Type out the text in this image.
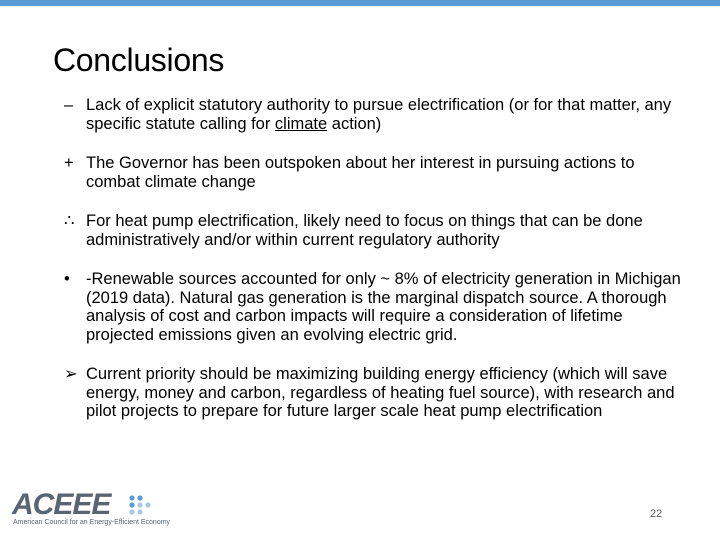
Conclusions
– Lack of explicit statutory authority to pursue electrification (or for that matter, any specific statute calling for climate action)
+ The Governor has been outspoken about her interest in pursuing actions to combat climate change
∴ For heat pump electrification, likely need to focus on things that can be done administratively and/or within current regulatory authority
• -Renewable sources accounted for only ~ 8% of electricity generation in Michigan (2019 data). Natural gas generation is the marginal dispatch source. A thorough analysis of cost and carbon impacts will require a consideration of lifetime projected emissions given an evolving electric grid.
➢ Current priority should be maximizing building energy efficiency (which will save energy, money and carbon, regardless of heating fuel source), with research and pilot projects to prepare for future larger scale heat pump electrification
ACEEE
American Council for an Energy-Efficient Economy
22
